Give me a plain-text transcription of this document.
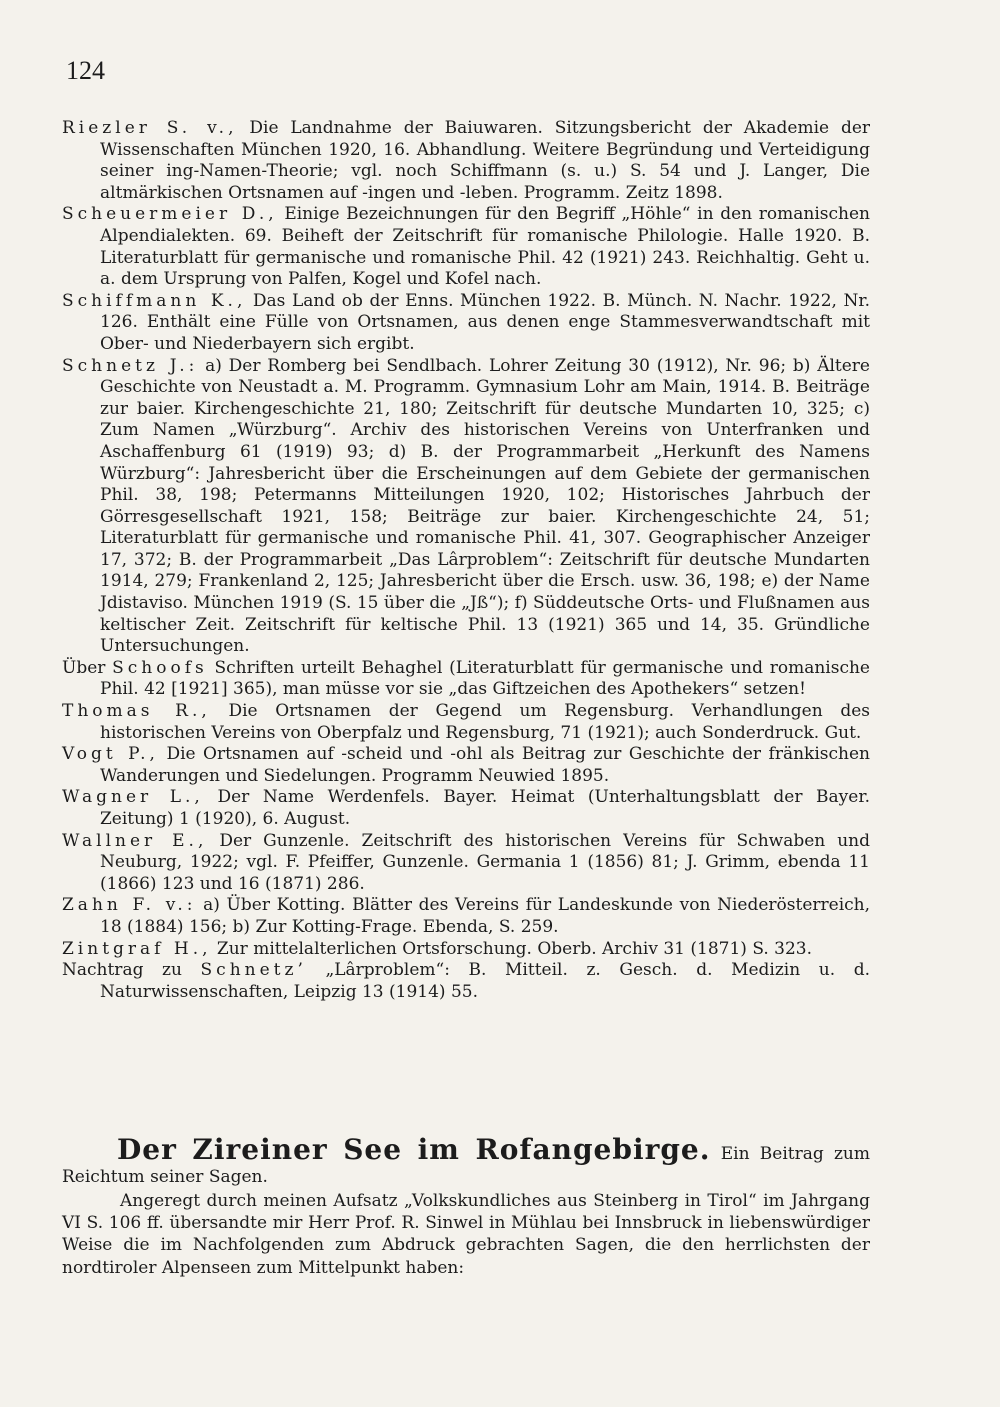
124

Riezler S. v., Die Landnahme der Baiuwaren. Sitzungsbericht der Akademie der Wissenschaften München 1920, 16. Abhandlung. Weitere Begründung und Verteidigung seiner ing-Namen-Theorie; vgl. noch Schiffmann (s. u.) S. 54 und J. Langer, Die altmärkischen Ortsnamen auf -ingen und -leben. Programm. Zeitz 1898.

Scheuermeier D., Einige Bezeichnungen für den Begriff „Höhle“ in den romanischen Alpendialekten. 69. Beiheft der Zeitschrift für romanische Philologie. Halle 1920. B. Literaturblatt für germanische und romanische Phil. 42 (1921) 243. Reichhaltig. Geht u. a. dem Ursprung von Palfen, Kogel und Kofel nach.

Schiffmann K., Das Land ob der Enns. München 1922. B. Münch. N. Nachr. 1922, Nr. 126. Enthält eine Fülle von Ortsnamen, aus denen enge Stammesverwandtschaft mit Ober- und Niederbayern sich ergibt.

Schnetz J.: a) Der Romberg bei Sendlbach. Lohrer Zeitung 30 (1912), Nr. 96; b) Ältere Geschichte von Neustadt a. M. Programm. Gymnasium Lohr am Main, 1914. B. Beiträge zur baier. Kirchengeschichte 21, 180; Zeitschrift für deutsche Mundarten 10, 325; c) Zum Namen „Würzburg“. Archiv des historischen Vereins von Unterfranken und Aschaffenburg 61 (1919) 93; d) B. der Programmarbeit „Herkunft des Namens Würzburg“: Jahresbericht über die Erscheinungen auf dem Gebiete der germanischen Phil. 38, 198; Petermanns Mitteilungen 1920, 102; Historisches Jahrbuch der Görresgesellschaft 1921, 158; Beiträge zur baier. Kirchengeschichte 24, 51; Literaturblatt für germanische und romanische Phil. 41, 307. Geographischer Anzeiger 17, 372; B. der Programmarbeit „Das Lârproblem“: Zeitschrift für deutsche Mundarten 1914, 279; Frankenland 2, 125; Jahresbericht über die Ersch. usw. 36, 198; e) der Name Jdistaviso. München 1919 (S. 15 über die „Jß“); f) Süddeutsche Orts- und Flußnamen aus keltischer Zeit. Zeitschrift für keltische Phil. 13 (1921) 365 und 14, 35. Gründliche Untersuchungen.

Über Schoofs Schriften urteilt Behaghel (Literaturblatt für germanische und romanische Phil. 42 [1921] 365), man müsse vor sie „das Giftzeichen des Apothekers“ setzen!

Thomas R., Die Ortsnamen der Gegend um Regensburg. Verhandlungen des historischen Vereins von Oberpfalz und Regensburg, 71 (1921); auch Sonderdruck. Gut.

Vogt P., Die Ortsnamen auf -scheid und -ohl als Beitrag zur Geschichte der fränkischen Wanderungen und Siedelungen. Programm Neuwied 1895.

Wagner L., Der Name Werdenfels. Bayer. Heimat (Unterhaltungsblatt der Bayer. Zeitung) 1 (1920), 6. August.

Wallner E., Der Gunzenle. Zeitschrift des historischen Vereins für Schwaben und Neuburg, 1922; vgl. F. Pfeiffer, Gunzenle. Germania 1 (1856) 81; J. Grimm, ebenda 11 (1866) 123 und 16 (1871) 286.

Zahn F. v.: a) Über Kotting. Blätter des Vereins für Landeskunde von Niederösterreich, 18 (1884) 156; b) Zur Kotting-Frage. Ebenda, S. 259.

Zintgraf H., Zur mittelalterlichen Ortsforschung. Oberb. Archiv 31 (1871) S. 323.

Nachtrag zu Schnetz’ „Lârproblem“: B. Mitteil. z. Gesch. d. Medizin u. d. Naturwissenschaften, Leipzig 13 (1914) 55.

Der Zireiner See im Rofangebirge. Ein Beitrag zum Reichtum seiner Sagen.

Angeregt durch meinen Aufsatz „Volkskundliches aus Steinberg in Tirol“ im Jahrgang VI S. 106 ff. übersandte mir Herr Prof. R. Sinwel in Mühlau bei Innsbruck in liebenswürdiger Weise die im Nachfolgenden zum Abdruck gebrachten Sagen, die den herrlichsten der nordtiroler Alpenseen zum Mittelpunkt haben:
